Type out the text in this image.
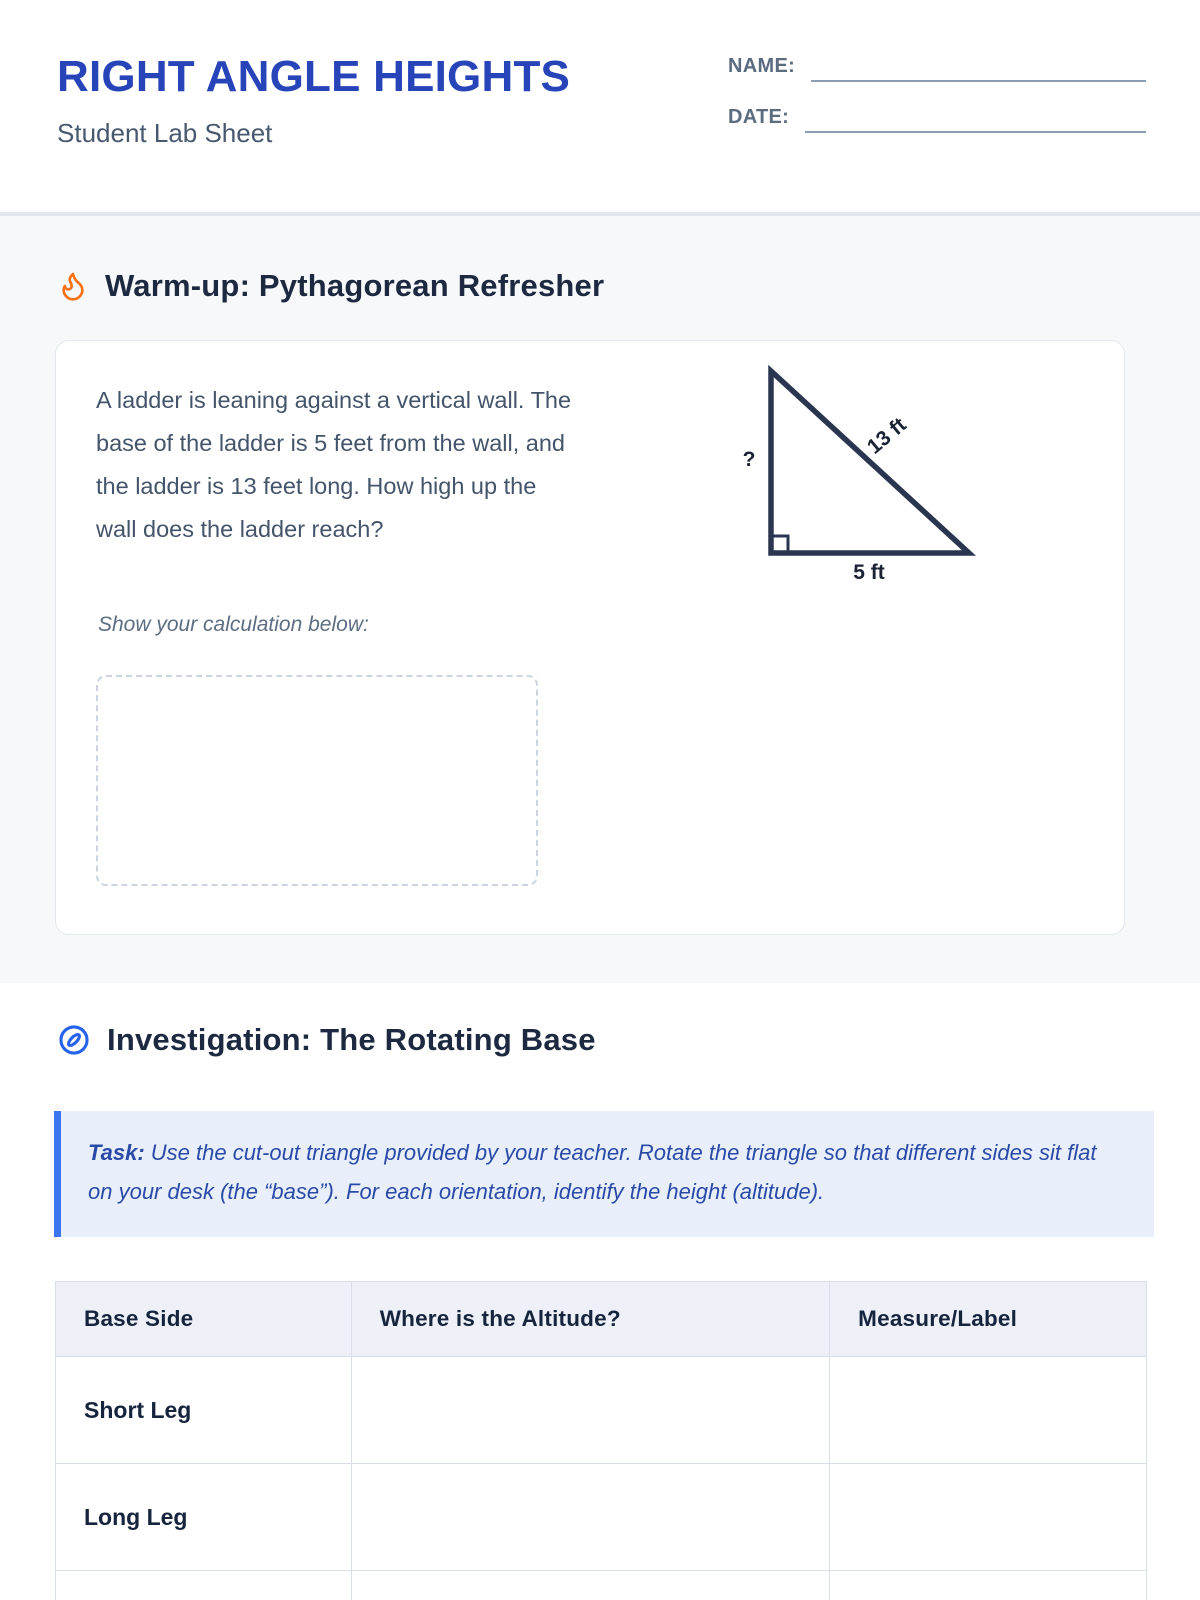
RIGHT ANGLE HEIGHTS
Student Lab Sheet
NAME:
DATE:
Warm-up: Pythagorean Refresher

A ladder is leaning against a vertical wall. The base of the ladder is 5 feet from the wall, and the ladder is 13 feet long. How high up the wall does the ladder reach?

Show your calculation below:
?
13 ft
5 ft
Investigation: The Rotating Base
Task: Use the cut-out triangle provided by your teacher. Rotate the triangle so that different sides sit flat on your desk (the “base”). For each orientation, identify the height (altitude).
Base Side	Where is the Altitude?	Measure/Label
Short Leg		
Long Leg		
